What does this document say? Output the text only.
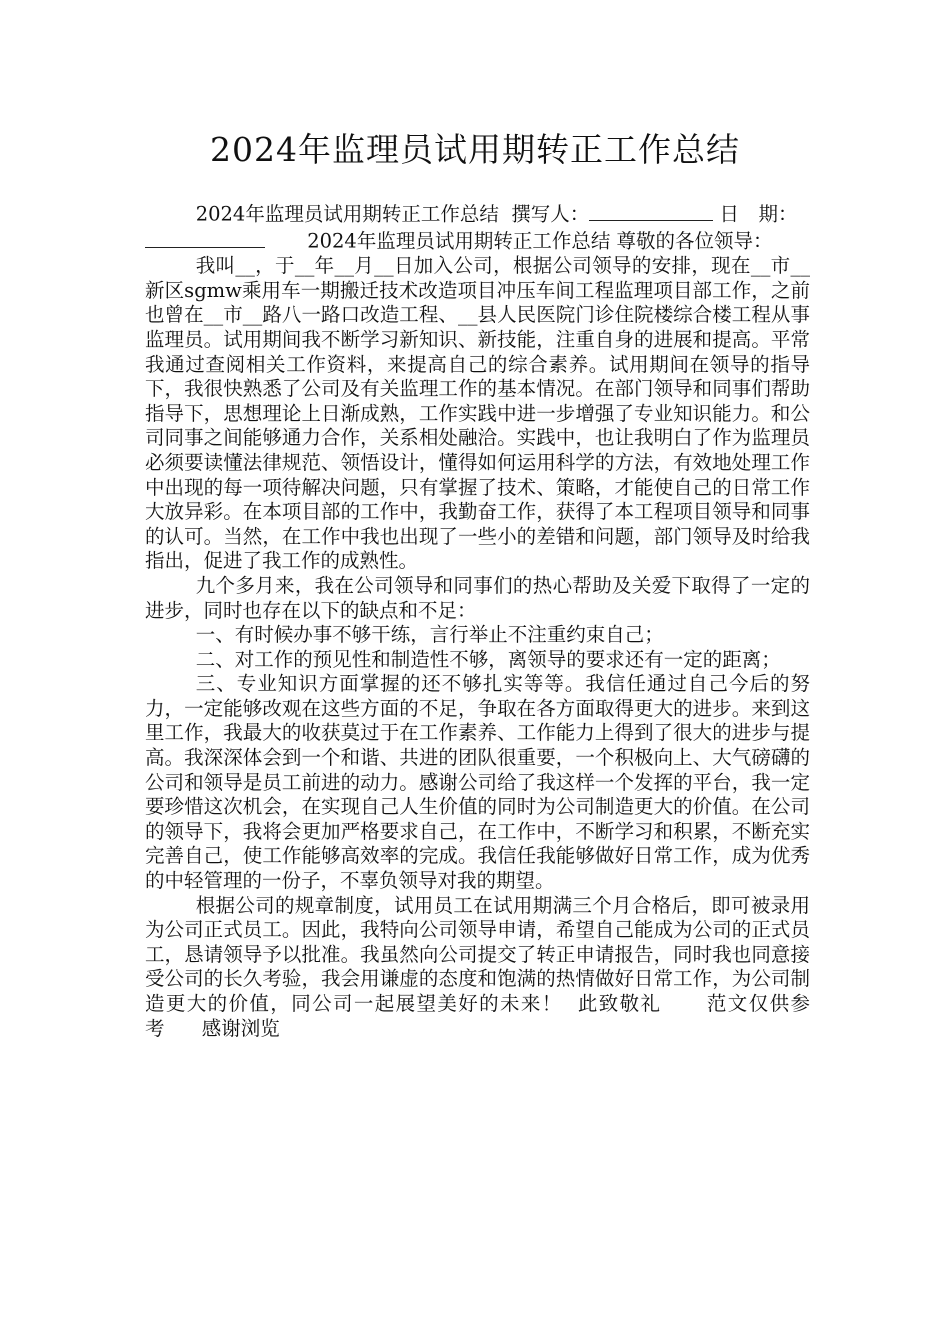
2024年监理员试用期转正工作总结
2024年监理员试用期转正工作总结 撰写人：	日　期： 2024年监理员试用期转正工作总结 尊敬的各位领导：

我叫__，于__年__月__日加入公司，根据公司领导的安排，现在__市__新区sgmw乘用车一期搬迁技术改造项目冲压车间工程监理项目部工作，之前也曾在__市__路八一路口改造工程、__县人民医院门诊住院楼综合楼工程从事监理员。试用期间我不断学习新知识、新技能，注重自身的进展和提高。平常我通过查阅相关工作资料，来提高自己的综合素养。试用期间在领导的指导下，我很快熟悉了公司及有关监理工作的基本情况。在部门领导和同事们帮助指导下，思想理论上日渐成熟，工作实践中进一步增强了专业知识能力。和公司同事之间能够通力合作，关系相处融洽。实践中，也让我明白了作为监理员必须要读懂法律规范、领悟设计，懂得如何运用科学的方法，有效地处理工作中出现的每一项待解决问题，只有掌握了技术、策略，才能使自己的日常工作大放异彩。在本项目部的工作中，我勤奋工作，获得了本工程项目领导和同事的认可。当然，在工作中我也出现了一些小的差错和问题，部门领导及时给我指出，促进了我工作的成熟性。

九个多月来，我在公司领导和同事们的热心帮助及关爱下取得了一定的进步，同时也存在以下的缺点和不足：

一、有时候办事不够干练，言行举止不注重约束自己；

二、对工作的预见性和制造性不够，离领导的要求还有一定的距离；

三、专业知识方面掌握的还不够扎实等等。我信任通过自己今后的努力，一定能够改观在这些方面的不足，争取在各方面取得更大的进步。来到这里工作，我最大的收获莫过于在工作素养、工作能力上得到了很大的进步与提高。我深深体会到一个和谐、共进的团队很重要，一个积极向上、大气磅礴的公司和领导是员工前进的动力。感谢公司给了我这样一个发挥的平台，我一定要珍惜这次机会，在实现自己人生价值的同时为公司制造更大的价值。在公司的领导下，我将会更加严格要求自己，在工作中，不断学习和积累，不断充实完善自己，使工作能够高效率的完成。我信任我能够做好日常工作，成为优秀的中轻管理的一份子，不辜负领导对我的期望。

根据公司的规章制度，试用员工在试用期满三个月合格后，即可被录用为公司正式员工。因此，我特向公司领导申请，希望自己能成为公司的正式员工，恳请领导予以批准。我虽然向公司提交了转正申请报告，同时我也同意接受公司的长久考验，我会用谦虚的态度和饱满的热情做好日常工作，为公司制造更大的价值，同公司一起展望美好的未来！ 此致敬礼 范文仅供参考 感谢浏览
